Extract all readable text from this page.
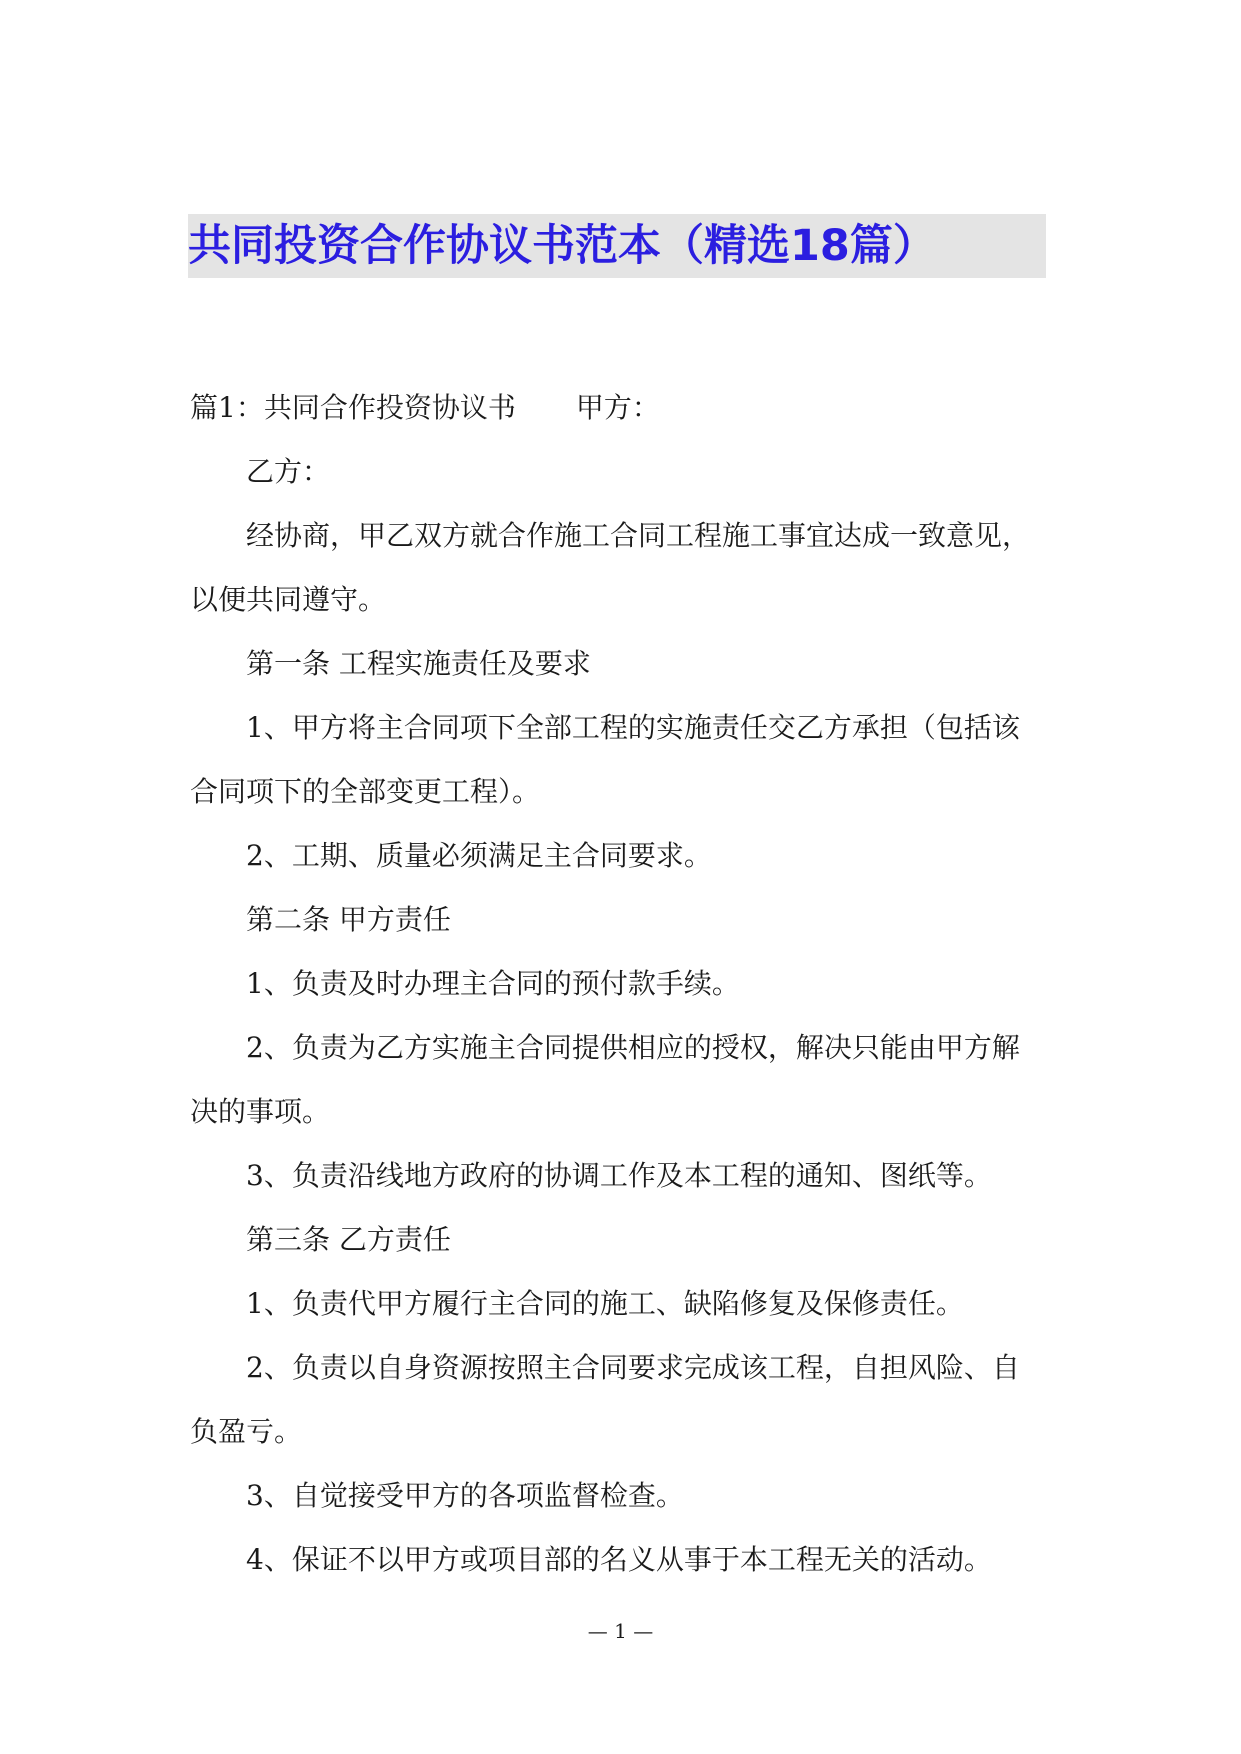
共同投资合作协议书范本（精选18篇）
篇1：共同合作投资协议书 甲方：
乙方：
经协商，甲乙双方就合作施工合同工程施工事宜达成一致意见，
以便共同遵守。
第一条 工程实施责任及要求
1、甲方将主合同项下全部工程的实施责任交乙方承担（包括该
合同项下的全部变更工程）。
2、工期、质量必须满足主合同要求。
第二条 甲方责任
1、负责及时办理主合同的预付款手续。
2、负责为乙方实施主合同提供相应的授权，解决只能由甲方解
决的事项。
3、负责沿线地方政府的协调工作及本工程的通知、图纸等。
第三条 乙方责任
1、负责代甲方履行主合同的施工、缺陷修复及保修责任。
2、负责以自身资源按照主合同要求完成该工程，自担风险、自
负盈亏。
3、自觉接受甲方的各项监督检查。
4、保证不以甲方或项目部的名义从事于本工程无关的活动。
— 1 —
